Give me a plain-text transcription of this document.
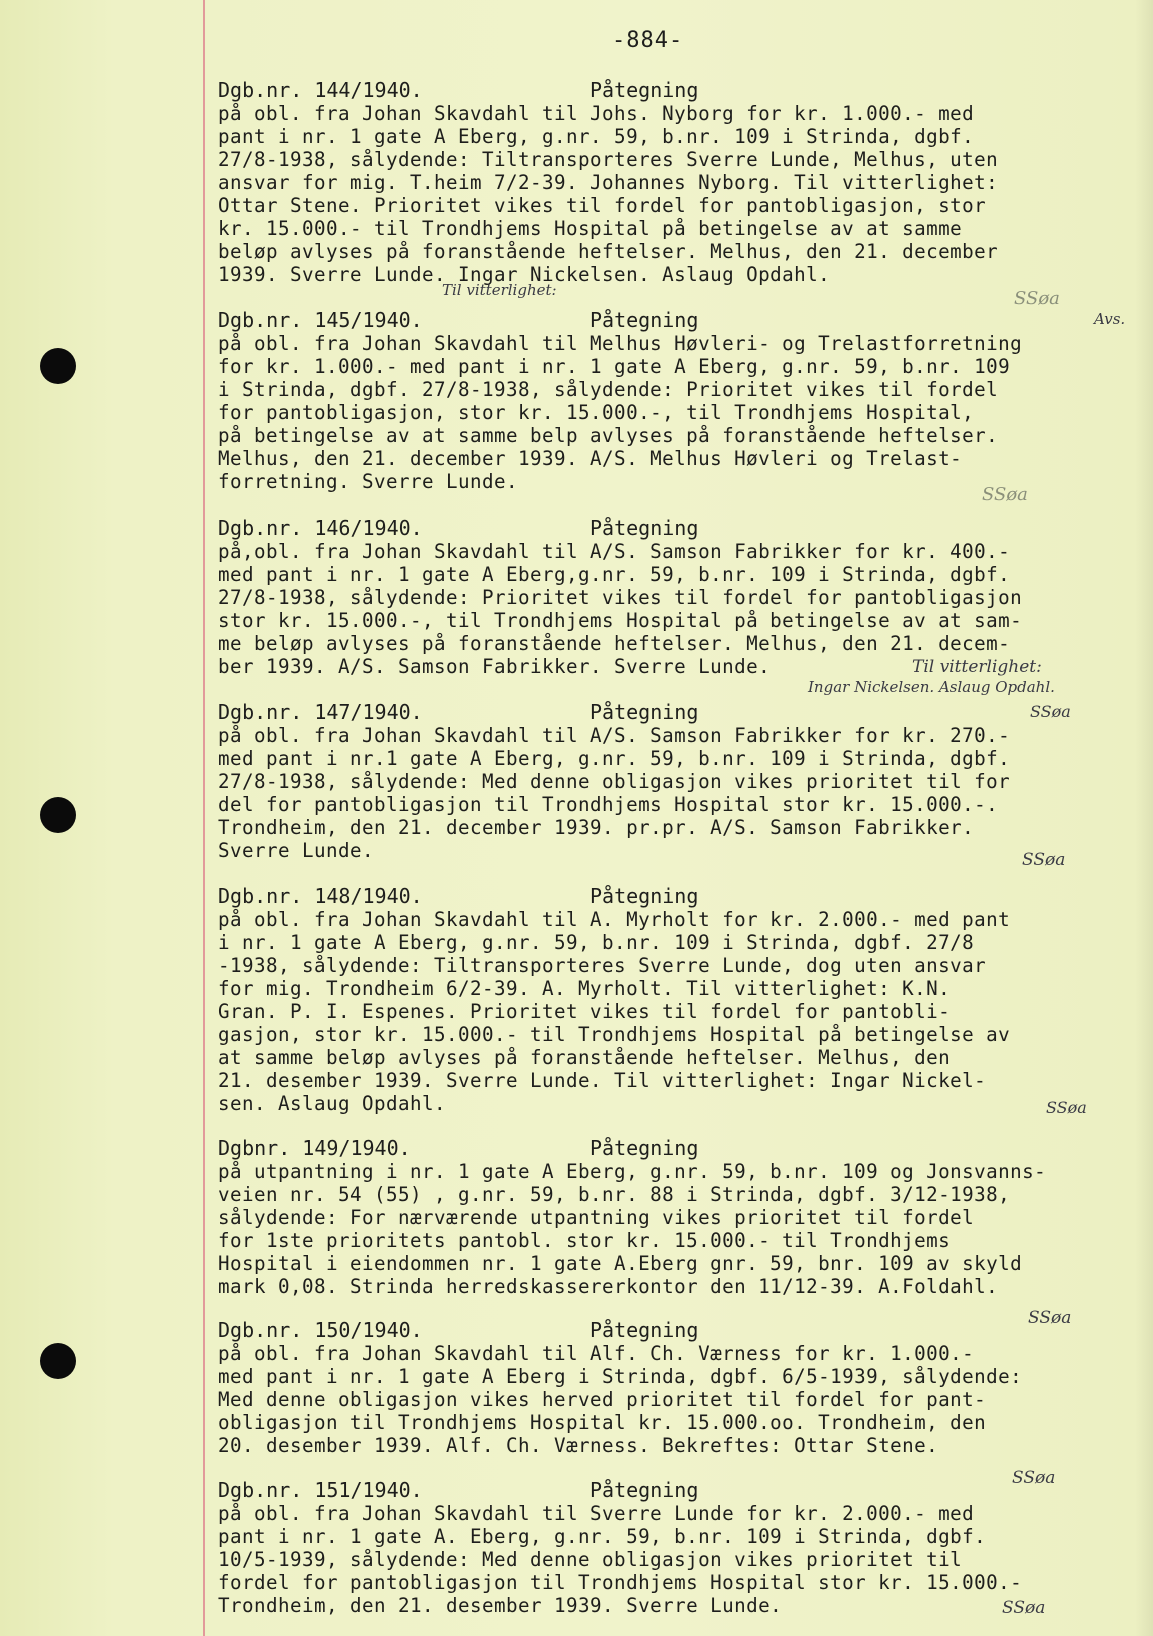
-884-
Dgb.nr. 144/1940.	Påtegning
på obl. fra Johan Skavdahl til Johs. Nyborg for kr. 1.000.- med
pant i nr. 1 gate A Eberg, g.nr. 59, b.nr. 109 i Strinda, dgbf.
27/8-1938, sålydende: Tiltransporteres Sverre Lunde, Melhus, uten
ansvar for mig. T.heim 7/2-39. Johannes Nyborg. Til vitterlighet:
Ottar Stene. Prioritet vikes til fordel for pantobligasjon, stor
kr. 15.000.- til Trondhjems Hospital på betingelse av at samme
beløp avlyses på foranstående heftelser. Melhus, den 21. december
1939. Sverre Lunde. Ingar Nickelsen. Aslaug Opdahl.
Dgb.nr. 145/1940.	Påtegning
på obl. fra Johan Skavdahl til Melhus Høvleri- og Trelastforretning
for kr. 1.000.- med pant i nr. 1 gate A Eberg, g.nr. 59, b.nr. 109
i Strinda, dgbf. 27/8-1938, sålydende: Prioritet vikes til fordel
for pantobligasjon, stor kr. 15.000.-, til Trondhjems Hospital,
på betingelse av at samme belp avlyses på foranstående heftelser.
Melhus, den 21. december 1939. A/S. Melhus Høvleri og Trelast-
forretning. Sverre Lunde.
Dgb.nr. 146/1940.	Påtegning
på,obl. fra Johan Skavdahl til A/S. Samson Fabrikker for kr. 400.-
med pant i nr. 1 gate A Eberg,g.nr. 59, b.nr. 109 i Strinda, dgbf.
27/8-1938, sålydende: Prioritet vikes til fordel for pantobligasjon
stor kr. 15.000.-, til Trondhjems Hospital på betingelse av at sam-
me beløp avlyses på foranstående heftelser. Melhus, den 21. decem-
ber 1939. A/S. Samson Fabrikker. Sverre Lunde.
Dgb.nr. 147/1940.	Påtegning
på obl. fra Johan Skavdahl til A/S. Samson Fabrikker for kr. 270.-
med pant i nr.1 gate A Eberg, g.nr. 59, b.nr. 109 i Strinda, dgbf.
27/8-1938, sålydende: Med denne obligasjon vikes prioritet til for
del for pantobligasjon til Trondhjems Hospital stor kr. 15.000.-.
Trondheim, den 21. december 1939. pr.pr. A/S. Samson Fabrikker.
Sverre Lunde.
Dgb.nr. 148/1940.	Påtegning
på obl. fra Johan Skavdahl til A. Myrholt for kr. 2.000.- med pant
i nr. 1 gate A Eberg, g.nr. 59, b.nr. 109 i Strinda, dgbf. 27/8
-1938, sålydende: Tiltransporteres Sverre Lunde, dog uten ansvar
for mig. Trondheim 6/2-39. A. Myrholt. Til vitterlighet: K.N.
Gran. P. I. Espenes. Prioritet vikes til fordel for pantobli-
gasjon, stor kr. 15.000.- til Trondhjems Hospital på betingelse av
at samme beløp avlyses på foranstående heftelser. Melhus, den
21. desember 1939. Sverre Lunde. Til vitterlighet: Ingar Nickel-
sen. Aslaug Opdahl.
Dgbnr. 149/1940.	Påtegning
på utpantning i nr. 1 gate A Eberg, g.nr. 59, b.nr. 109 og Jonsvanns-
veien nr. 54 (55) , g.nr. 59, b.nr. 88 i Strinda, dgbf. 3/12-1938,
sålydende: For nærværende utpantning vikes prioritet til fordel
for 1ste prioritets pantobl. stor kr. 15.000.- til Trondhjems
Hospital i eiendommen nr. 1 gate A.Eberg gnr. 59, bnr. 109 av skyld
mark 0,08. Strinda herredskassererkontor den 11/12-39. A.Foldahl.
Dgb.nr. 150/1940.	Påtegning
på obl. fra Johan Skavdahl til Alf. Ch. Værness for kr. 1.000.-
med pant i nr. 1 gate A Eberg i Strinda, dgbf. 6/5-1939, sålydende:
Med denne obligasjon vikes herved prioritet til fordel for pant-
obligasjon til Trondhjems Hospital kr. 15.000.oo. Trondheim, den
20. desember 1939. Alf. Ch. Værness. Bekreftes: Ottar Stene.
Dgb.nr. 151/1940.	Påtegning
på obl. fra Johan Skavdahl til Sverre Lunde for kr. 2.000.- med
pant i nr. 1 gate A. Eberg, g.nr. 59, b.nr. 109 i Strinda, dgbf.
10/5-1939, sålydende: Med denne obligasjon vikes prioritet til
fordel for pantobligasjon til Trondhjems Hospital stor kr. 15.000.-
Trondheim, den 21. desember 1939. Sverre Lunde.
Til vitterlighet:
Til vitterlighet:
Ingar Nickelsen. Aslaug Opdahl.
Avs.
SSøa
SSøa
SSøa
SSøa
SSøa
SSøa
SSøa
SSøa
